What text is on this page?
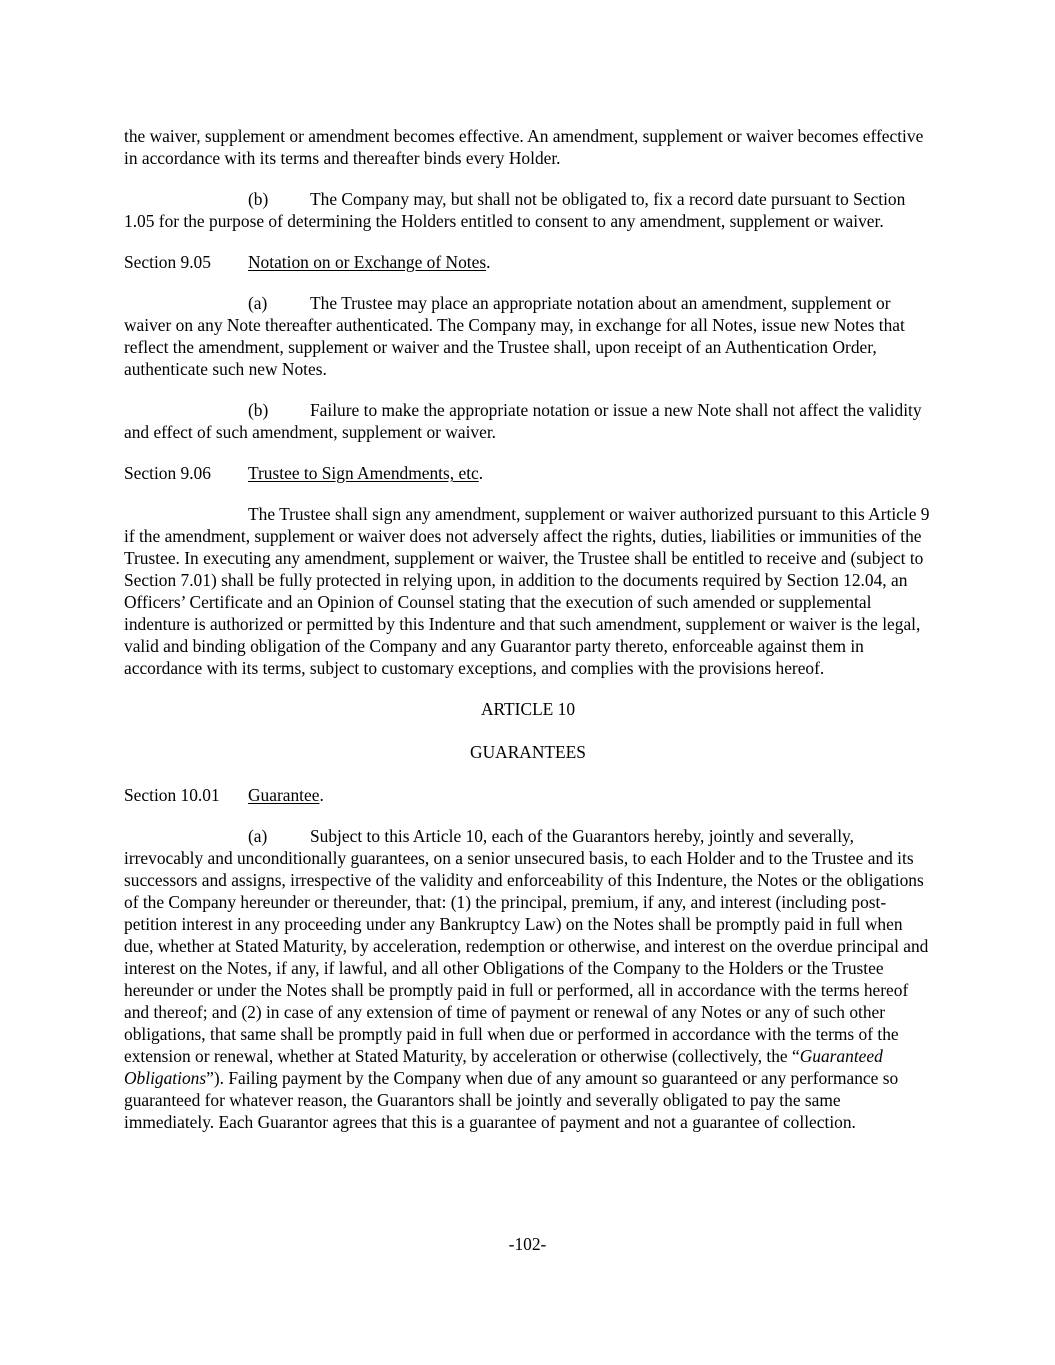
the waiver, supplement or amendment becomes effective. An amendment, supplement or waiver becomes effective in accordance with its terms and thereafter binds every Holder.

(b) The Company may, but shall not be obligated to, fix a record date pursuant to Section 1.05 for the purpose of determining the Holders entitled to consent to any amendment, supplement or waiver.

Section 9.05 Notation on or Exchange of Notes.

(a) The Trustee may place an appropriate notation about an amendment, supplement or waiver on any Note thereafter authenticated. The Company may, in exchange for all Notes, issue new Notes that reflect the amendment, supplement or waiver and the Trustee shall, upon receipt of an Authentication Order, authenticate such new Notes.

(b) Failure to make the appropriate notation or issue a new Note shall not affect the validity and effect of such amendment, supplement or waiver.

Section 9.06 Trustee to Sign Amendments, etc.

The Trustee shall sign any amendment, supplement or waiver authorized pursuant to this Article 9 if the amendment, supplement or waiver does not adversely affect the rights, duties, liabilities or immunities of the Trustee. In executing any amendment, supplement or waiver, the Trustee shall be entitled to receive and (subject to Section 7.01) shall be fully protected in relying upon, in addition to the documents required by Section 12.04, an Officers’ Certificate and an Opinion of Counsel stating that the execution of such amended or supplemental indenture is authorized or permitted by this Indenture and that such amendment, supplement or waiver is the legal, valid and binding obligation of the Company and any Guarantor party thereto, enforceable against them in accordance with its terms, subject to customary exceptions, and complies with the provisions hereof.

ARTICLE 10

GUARANTEES

Section 10.01 Guarantee.

(a) Subject to this Article 10, each of the Guarantors hereby, jointly and severally, irrevocably and unconditionally guarantees, on a senior unsecured basis, to each Holder and to the Trustee and its successors and assigns, irrespective of the validity and enforceability of this Indenture, the Notes or the obligations of the Company hereunder or thereunder, that: (1) the principal, premium, if any, and interest (including post-petition interest in any proceeding under any Bankruptcy Law) on the Notes shall be promptly paid in full when due, whether at Stated Maturity, by acceleration, redemption or otherwise, and interest on the overdue principal and interest on the Notes, if any, if lawful, and all other Obligations of the Company to the Holders or the Trustee hereunder or under the Notes shall be promptly paid in full or performed, all in accordance with the terms hereof and thereof; and (2) in case of any extension of time of payment or renewal of any Notes or any of such other obligations, that same shall be promptly paid in full when due or performed in accordance with the terms of the extension or renewal, whether at Stated Maturity, by acceleration or otherwise (collectively, the “Guaranteed Obligations”). Failing payment by the Company when due of any amount so guaranteed or any performance so guaranteed for whatever reason, the Guarantors shall be jointly and severally obligated to pay the same immediately. Each Guarantor agrees that this is a guarantee of payment and not a guarantee of collection.

-102-
